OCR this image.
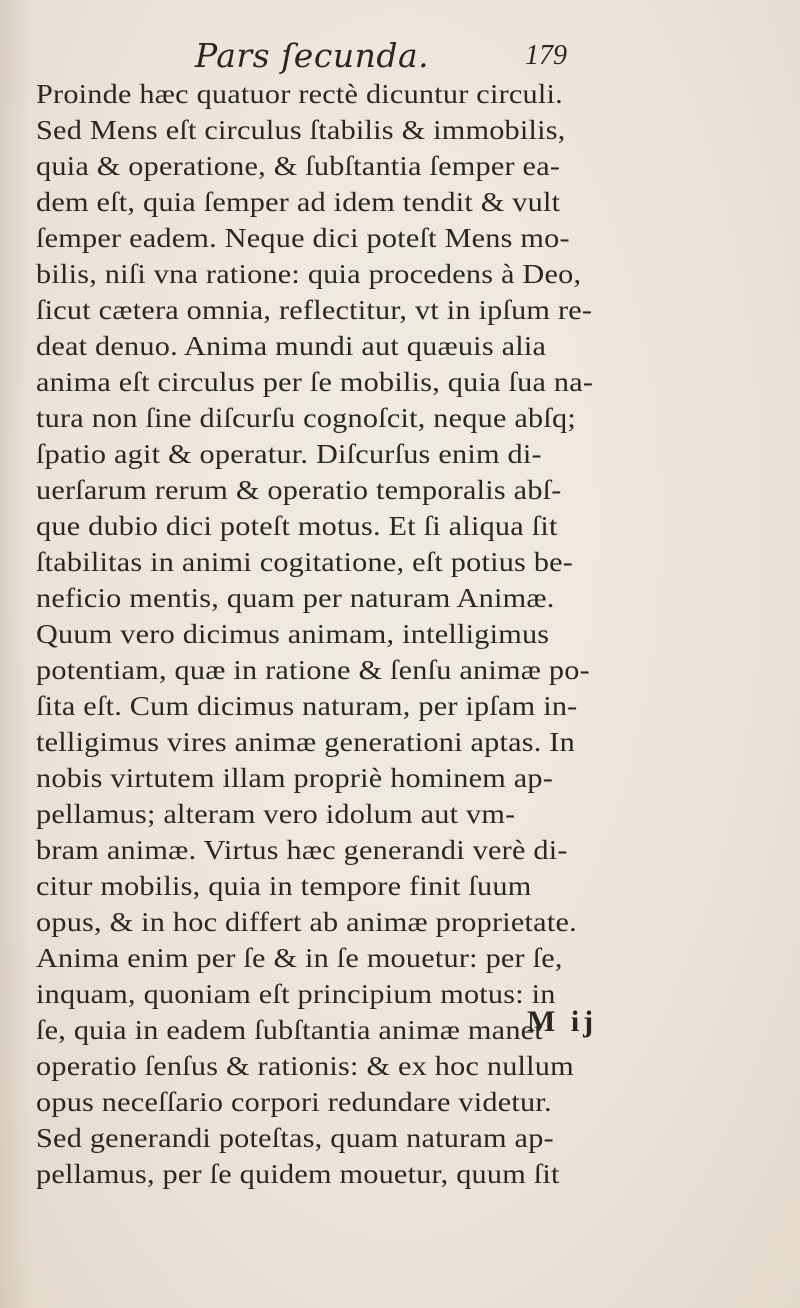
Pars ſecunda.	179
Proinde hæc quatuor rectè dicuntur circuli.
Sed Mens eſt circulus ſtabilis & immobilis,
quia & operatione, & ſubſtantia ſemper ea-
dem eſt, quia ſemper ad idem tendit & vult
ſemper eadem. Neque dici poteſt Mens mo-
bilis, niſi vna ratione: quia procedens à Deo,
ſicut cætera omnia, reflectitur, vt in ipſum re-
deat denuo. Anima mundi aut quæuis alia
anima eſt circulus per ſe mobilis, quia ſua na-
tura non ſine diſcurſu cognoſcit, neque abſq;
ſpatio agit & operatur. Diſcurſus enim di-
uerſarum rerum & operatio temporalis abſ-
que dubio dici poteſt motus. Et ſi aliqua ſit
ſtabilitas in animi cogitatione, eſt potius be-
neficio mentis, quam per naturam Animæ.
Quum vero dicimus animam, intelligimus
potentiam, quæ in ratione & ſenſu animæ po-
ſita eſt. Cum dicimus naturam, per ipſam in-
telligimus vires animæ generationi aptas. In
nobis virtutem illam propriè hominem ap-
pellamus; alteram vero idolum aut vm-
bram animæ. Virtus hæc generandi verè di-
citur mobilis, quia in tempore finit ſuum
opus, & in hoc differt ab animæ proprietate.
Anima enim per ſe & in ſe mouetur: per ſe,
inquam, quoniam eſt principium motus: in
ſe, quia in eadem ſubſtantia animæ manet
operatio ſenſus & rationis: & ex hoc nullum
opus neceſſario corpori redundare videtur.
Sed generandi poteſtas, quam naturam ap-
pellamus, per ſe quidem mouetur, quum ſit
M ij
